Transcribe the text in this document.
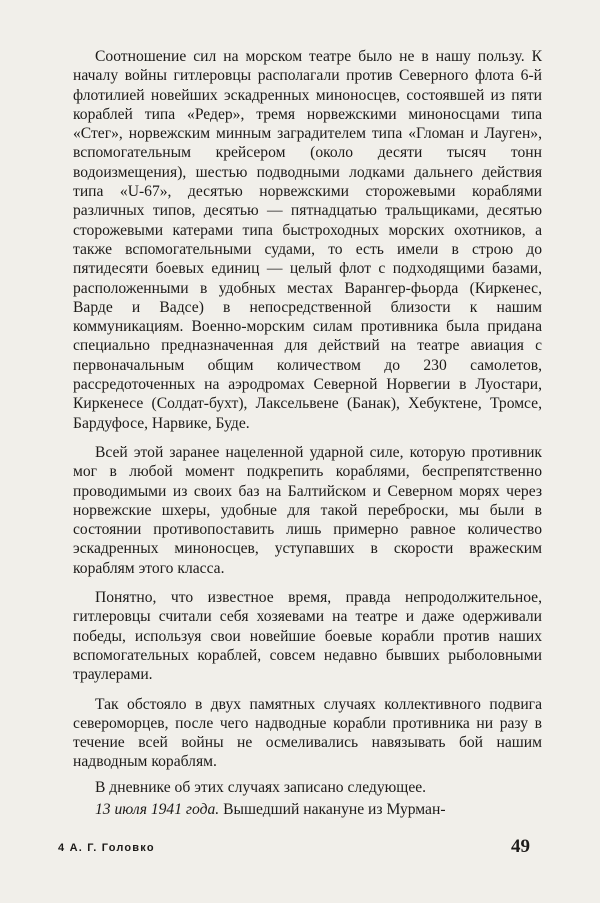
Соотношение сил на морском театре было не в нашу пользу. К началу войны гитлеровцы располагали против Северного флота 6-й флотилией новейших эскадренных миноносцев, состоявшей из пяти кораблей типа «Редер», тремя норвежскими миноносцами типа «Стег», норвежским минным заградителем типа «Гломан и Лауген», вспомогательным крейсером (около десяти тысяч тонн водоизмещения), шестью подводными лодками дальнего действия типа «U-67», десятью норвежскими сторожевыми кораблями различных типов, десятью — пятнадцатью тральщиками, десятью сторожевыми катерами типа быстроходных морских охотников, а также вспомогательными судами, то есть имели в строю до пятидесяти боевых единиц — целый флот с подходящими базами, расположенными в удобных местах Варангер-фьорда (Киркенес, Варде и Вадсе) в непосредственной близости к нашим коммуникациям. Военно-морским силам противника была придана специально предназначенная для действий на театре авиация с первоначальным общим количеством до 230 самолетов, рассредоточенных на аэродромах Северной Норвегии в Луостари, Киркенесе (Солдат-бухт), Лаксельвене (Банак), Хебуктене, Тромсе, Бардуфосе, Нарвике, Буде.

Всей этой заранее нацеленной ударной силе, которую противник мог в любой момент подкрепить кораблями, беспрепятственно проводимыми из своих баз на Балтийском и Северном морях через норвежские шхеры, удобные для такой переброски, мы были в состоянии противопоставить лишь примерно равное количество эскадренных миноносцев, уступавших в скорости вражеским кораблям этого класса.

Понятно, что известное время, правда непродолжительное, гитлеровцы считали себя хозяевами на театре и даже одерживали победы, используя свои новейшие боевые корабли против наших вспомогательных кораблей, совсем недавно бывших рыболовными траулерами.

Так обстояло в двух памятных случаях коллективного подвига североморцев, после чего надводные корабли противника ни разу в течение всей войны не осмеливались навязывать бой нашим надводным кораблям.

В дневнике об этих случаях записано следующее.

13 июля 1941 года. Вышедший накануне из Мурман-

4 А. Г. Головко	49
